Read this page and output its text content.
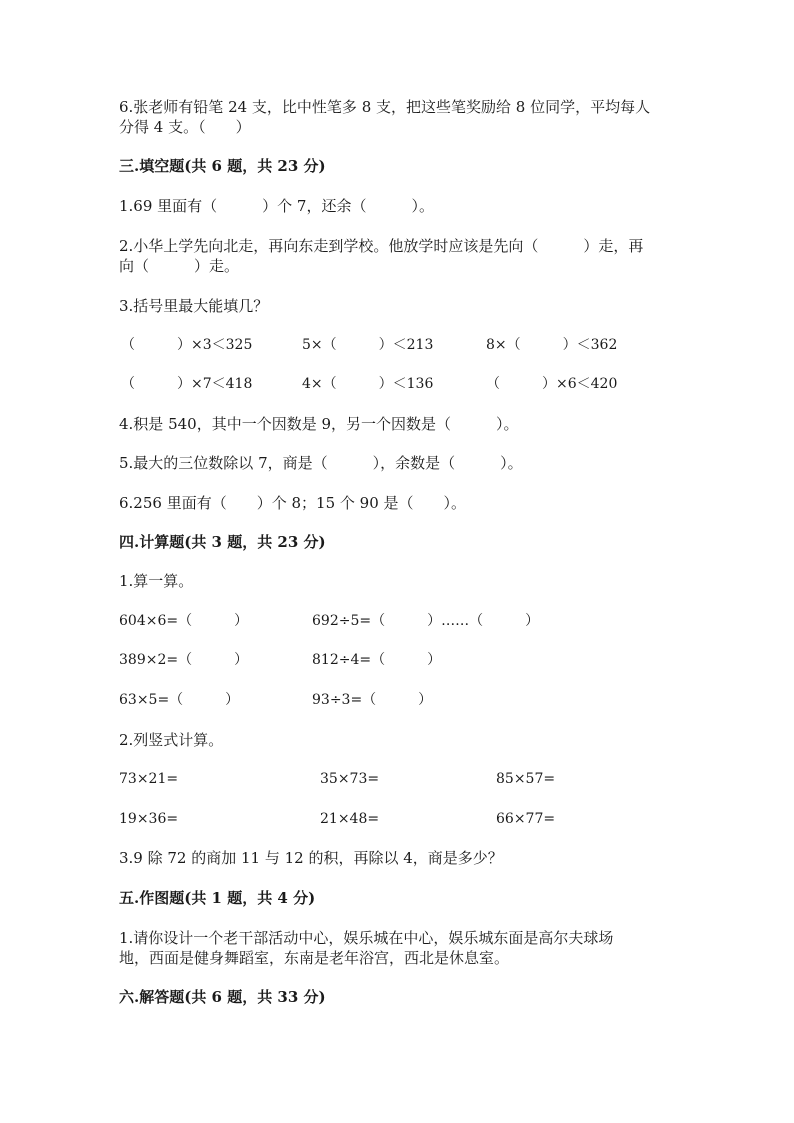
6.张老师有铅笔 24 支，比中性笔多 8 支，把这些笔奖励给 8 位同学，平均每人
分得 4 支。（　　）
三.填空题(共 6 题，共 23 分)
1.69 里面有（　　　）个 7，还余（　　　）。
2.小华上学先向北走，再向东走到学校。他放学时应该是先向（　　　）走，再
向（　　　）走。
3.括号里最大能填几？
（　　　）×3＜325	5×（　　　）＜213	8×（　　　）＜362
（　　　）×7＜418	4×（　　　）＜136	（　　　）×6＜420
4.积是 540，其中一个因数是 9，另一个因数是（　　　）。
5.最大的三位数除以 7，商是（　　　），余数是（　　　）。
6.256 里面有（　　）个 8；15 个 90 是（　　）。
四.计算题(共 3 题，共 23 分)
1.算一算。
604×6=（　　　）	692÷5=（　　　）……（　　　）
389×2=（　　　）	812÷4=（　　　）
63×5=（　　　）	93÷3=（　　　）
2.列竖式计算。
73×21=	35×73=	85×57=
19×36=	21×48=	66×77=
3.9 除 72 的商加 11 与 12 的积，再除以 4，商是多少？
五.作图题(共 1 题，共 4 分)
1.请你设计一个老干部活动中心，娱乐城在中心，娱乐城东面是高尔夫球场
地，西面是健身舞蹈室，东南是老年浴宫，西北是休息室。
六.解答题(共 6 题，共 33 分)
